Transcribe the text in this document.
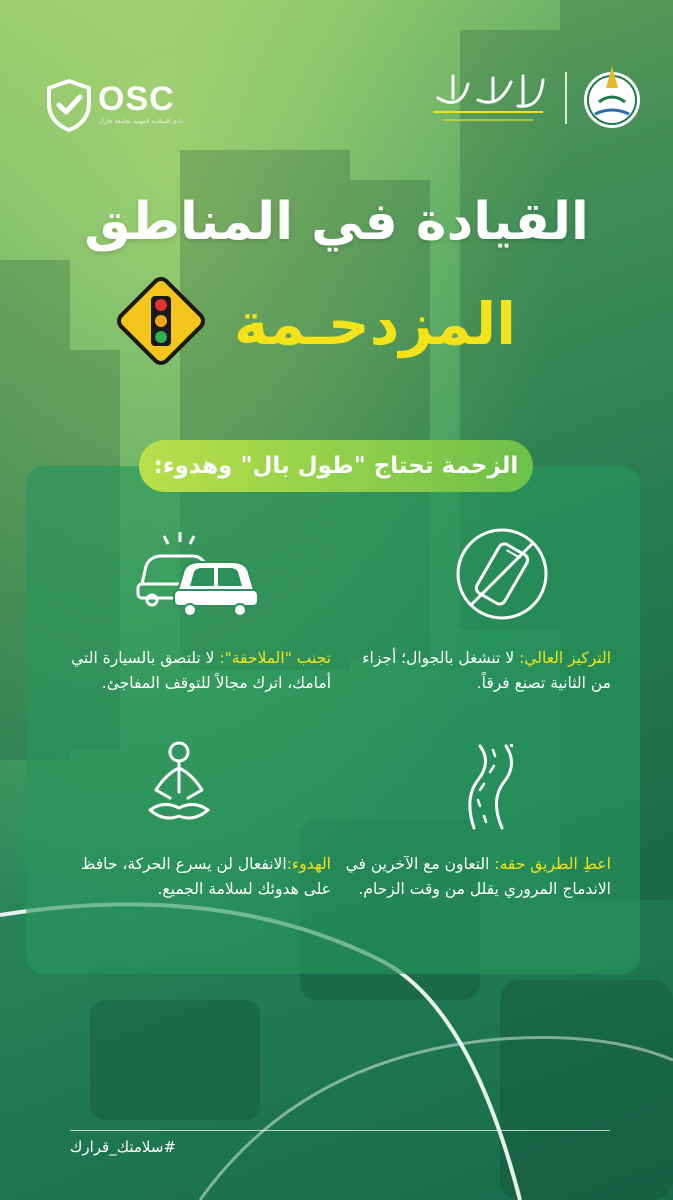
OSC
نادي السلامة المهنية بجامعة جازان
القيادة في المناطق
المزدحـمة
الزحمة تحتاج "طول بال" وهدوء:
التركيز العالي: لا تنشغل بالجوال؛ أجزاء من الثانية تصنع فرقاً.
تجنب "الملاحقة": لا تلتصق بالسيارة التي أمامك، اترك مجالاً للتوقف المفاجئ.
اعطِ الطريق حقه: التعاون مع الآخرين في الاندماج المروري يقلل من وقت الزحام.
الهدوء:الانفعال لن يسرع الحركة، حافظ على هدوئك لسلامة الجميع.
#سلامتك_قرارك
